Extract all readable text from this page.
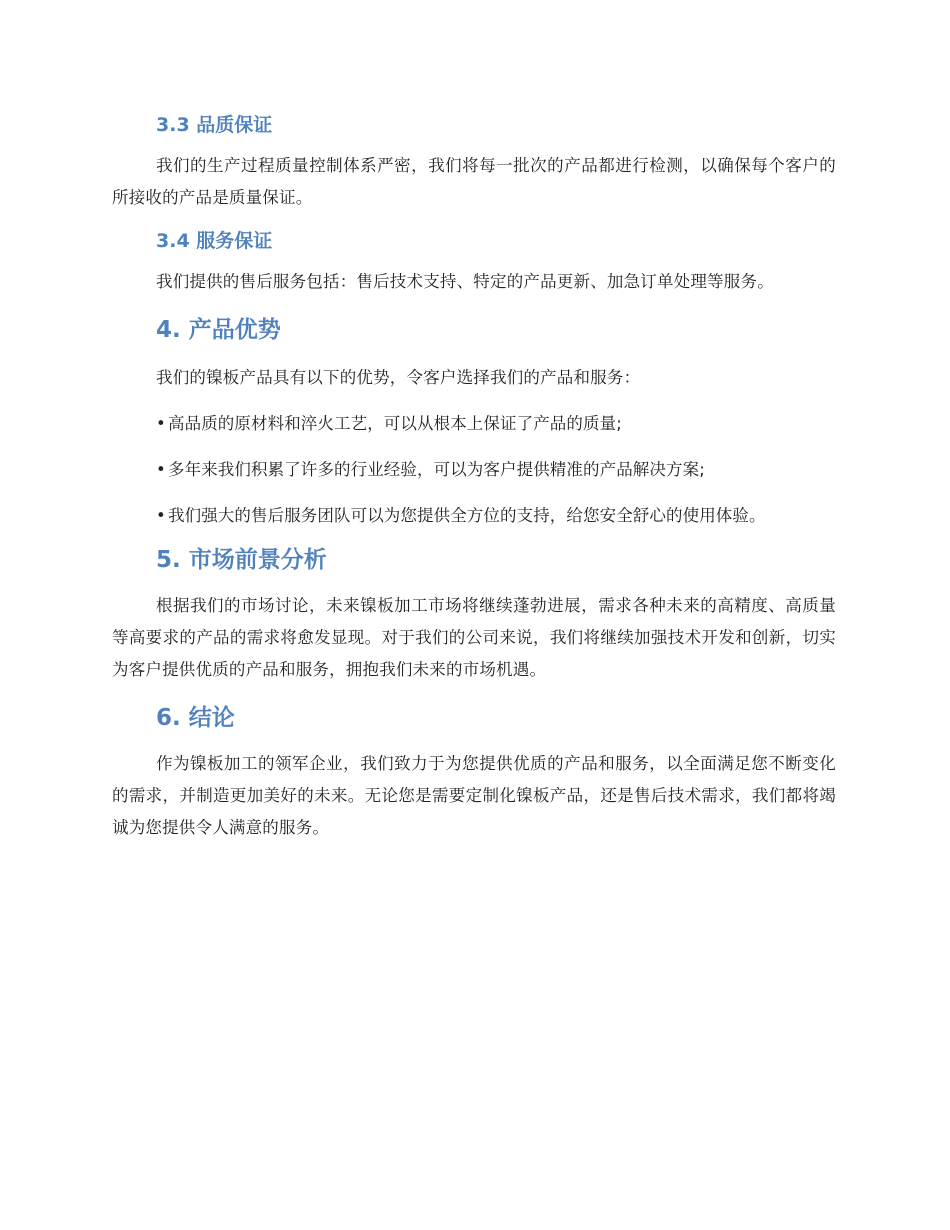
3.3 品质保证

我们的生产过程质量控制体系严密，我们将每一批次的产品都进行检测，以确保每个客户的所接收的产品是质量保证。

3.4 服务保证

我们提供的售后服务包括：售后技术支持、特定的产品更新、加急订单处理等服务。

4. 产品优势

我们的镍板产品具有以下的优势，令客户选择我们的产品和服务：

• 高品质的原材料和淬火工艺，可以从根本上保证了产品的质量;
• 多年来我们积累了许多的行业经验，可以为客户提供精准的产品解决方案;
• 我们强大的售后服务团队可以为您提供全方位的支持，给您安全舒心的使用体验。
5. 市场前景分析

根据我们的市场讨论，未来镍板加工市场将继续蓬勃进展，需求各种未来的高精度、高质量等高要求的产品的需求将愈发显现。对于我们的公司来说，我们将继续加强技术开发和创新，切实为客户提供优质的产品和服务，拥抱我们未来的市场机遇。

6. 结论

作为镍板加工的领军企业，我们致力于为您提供优质的产品和服务，以全面满足您不断变化的需求，并制造更加美好的未来。无论您是需要定制化镍板产品，还是售后技术需求，我们都将竭诚为您提供令人满意的服务。
